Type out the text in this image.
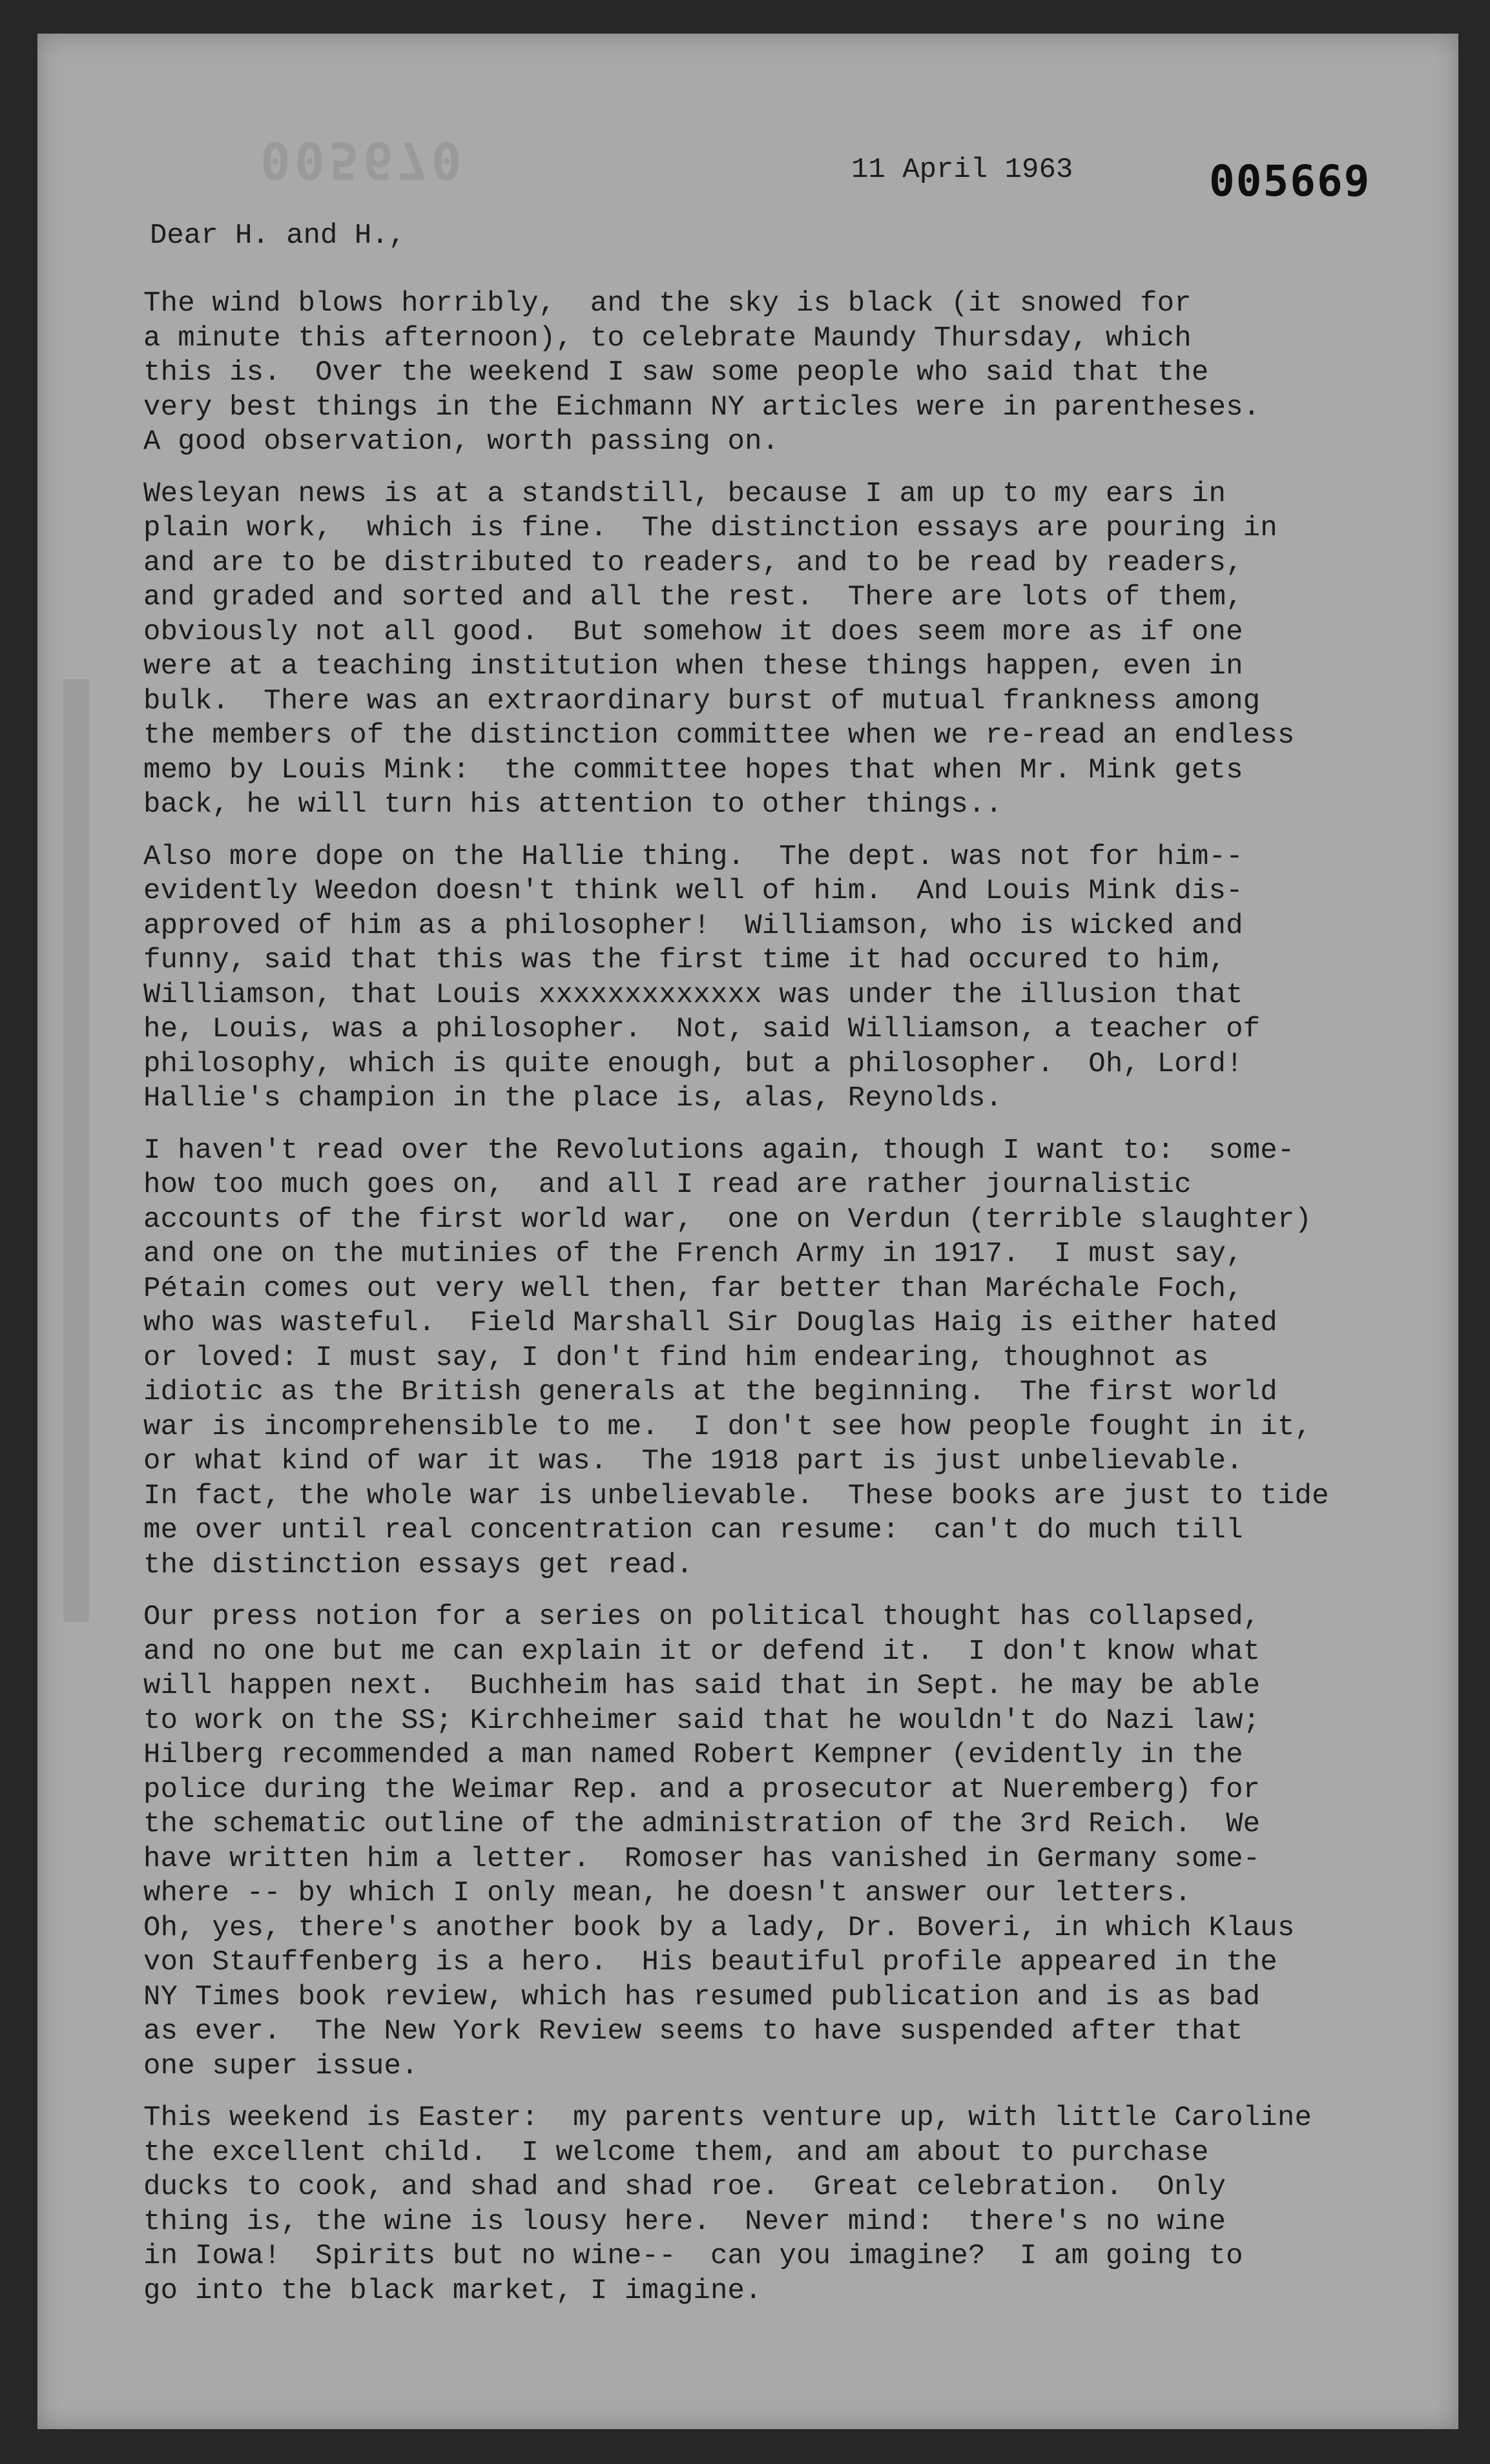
005670	11 April 1963	005669
Dear H. and H.,
The wind blows horribly,  and the sky is black (it snowed for
a minute this afternoon), to celebrate Maundy Thursday, which
this is.  Over the weekend I saw some people who said that the
very best things in the Eichmann NY articles were in parentheses.
A good observation, worth passing on.
Wesleyan news is at a standstill, because I am up to my ears in
plain work,  which is fine.  The distinction essays are pouring in
and are to be distributed to readers, and to be read by readers,
and graded and sorted and all the rest.  There are lots of them,
obviously not all good.  But somehow it does seem more as if one
were at a teaching institution when these things happen, even in
bulk.  There was an extraordinary burst of mutual frankness among
the members of the distinction committee when we re-read an endless
memo by Louis Mink:  the committee hopes that when Mr. Mink gets
back, he will turn his attention to other things..
Also more dope on the Hallie thing.  The dept. was not for him--
evidently Weedon doesn't think well of him.  And Louis Mink dis-
approved of him as a philosopher!  Williamson, who is wicked and
funny, said that this was the first time it had occured to him,
Williamson, that Louis xxxxxxxxxxxxx was under the illusion that
he, Louis, was a philosopher.  Not, said Williamson, a teacher of
philosophy, which is quite enough, but a philosopher.  Oh, Lord!
Hallie's champion in the place is, alas, Reynolds.
I haven't read over the Revolutions again, though I want to:  some-
how too much goes on,  and all I read are rather journalistic
accounts of the first world war,  one on Verdun (terrible slaughter)
and one on the mutinies of the French Army in 1917.  I must say,
Pétain comes out very well then, far better than Maréchale Foch,
who was wasteful.  Field Marshall Sir Douglas Haig is either hated
or loved: I must say, I don't find him endearing, thoughnot as
idiotic as the British generals at the beginning.  The first world
war is incomprehensible to me.  I don't see how people fought in it,
or what kind of war it was.  The 1918 part is just unbelievable.
In fact, the whole war is unbelievable.  These books are just to tide
me over until real concentration can resume:  can't do much till
the distinction essays get read.
Our press notion for a series on political thought has collapsed,
and no one but me can explain it or defend it.  I don't know what
will happen next.  Buchheim has said that in Sept. he may be able
to work on the SS; Kirchheimer said that he wouldn't do Nazi law;
Hilberg recommended a man named Robert Kempner (evidently in the
police during the Weimar Rep. and a prosecutor at Nueremberg) for
the schematic outline of the administration of the 3rd Reich.  We
have written him a letter.  Romoser has vanished in Germany some-
where -- by which I only mean, he doesn't answer our letters.
Oh, yes, there's another book by a lady, Dr. Boveri, in which Klaus
von Stauffenberg is a hero.  His beautiful profile appeared in the
NY Times book review, which has resumed publication and is as bad
as ever.  The New York Review seems to have suspended after that
one super issue.
This weekend is Easter:  my parents venture up, with little Caroline
the excellent child.  I welcome them, and am about to purchase
ducks to cook, and shad and shad roe.  Great celebration.  Only
thing is, the wine is lousy here.  Never mind:  there's no wine
in Iowa!  Spirits but no wine--  can you imagine?  I am going to
go into the black market, I imagine.
